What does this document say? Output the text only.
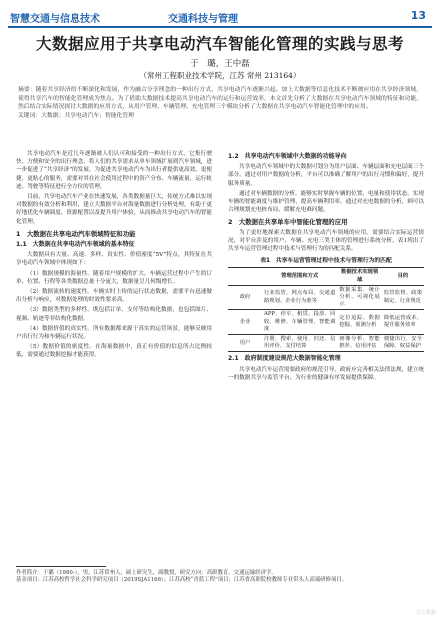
智慧交通与信息技术	交通科技与管理	13
大数据应用于共享电动汽车智能化管理的实践与思考
于　璐，王中磊
（常州工程职业技术学院，江苏 常州 213164）
摘要：随着共享经济的不断深化和发展，作为融合分享理念的一种出行方式，共享电动汽车逐渐兴起。加上大数据等信息化技术不断被应用在共享经济领域，使得共享汽车的智能化管理成为焦点。为了借助大数据技术提高共享电动汽车的运行和运营效率，本文首先分析了大数据在共享电动汽车领域的特征和功能，然后结合实际情况探讨大数据的应用方式，从用户管理、车辆管理、充电管理三个模块分析了大数据在共享电动汽车智能化管理中的应用。
关键词：大数据；共享电动汽车；智能化管理

共享电动汽车是近几年逐渐被人们认可和接受的一种出行方式，它集行驶快、方便和安全的出行理念，将人们的共享需求从单车领域扩展到汽车领域，进一步促进了“共享经济”的发展。为促进共享电动汽车为出行者提供更高效、更便捷、更贴心的服务，需要对其在社会使用过程中的资产分布、车辆流量、运行轨迹、驾驶等特征进行全方位的管理。

目前，共享电动汽车产业在快速发展，各类数据量巨大，传统方式难以实现对数据的有效分析和利用，建立大数据平台对海量数据进行分析处理，有助于更好地优化车辆调度、资源配置以及提升用户体验，从而推动共享电动汽车的智能化管理。

1　大数据在共享电动汽车领域特征和功能
1.1　大数据在共享电动汽车领域的基本特征

大数据具有大量、高速、多样、真实性、价值密度“5V”特点，其特征在共享电动汽车领域中体现如下：

（1）数据规模的海量性。随着用户规模的扩大，车辆运营过程中产生的订单、位置、行程等各类数据总量十分庞大，数据量呈几何级增长。

（2）数据流转的速度性。车辆实时上传的运行状态数据，需要平台迅速做出分析与响应，对数据处理的时效性要求高。

（3）数据类型的多样性。既包括订单、支付等结构化数据，也包括图片、视频、轨迹等非结构化数据。

（4）数据价值的真实性。所有数据都来源于真实的运营场景，能够反映用户出行行为和车辆运行状况。

（5）数据价值的密度性。在海量数据中，真正有价值的信息所占比例较低，需要通过数据挖掘才能获得。

1.2　共享电动汽车领域中大数据的功能导向

共享电动汽车领域中的大数据可划分为用户层面、车辆层面和充电层面三个部分。通过对用户数据的分析，平台可以准确了解用户的出行习惯和偏好，提升服务质量。

通过对车辆数据的分析，能够实时掌握车辆的位置、电量和使用状态，实现车辆的智能调度与维护管理，提高车辆利用率。通过对充电数据的分析，则可以合理规划充电桩布局，缓解充电难问题。

2　大数据在共享单车中智能化管理的应用

为了更好地探索大数据在共享电动汽车领域的应用，需要结合实际运营情况，对平台涉及的用户、车辆、充电三类主体的管理进行系统分析，表1列出了共享车运营管理过程中技术与管理行为的匹配关系。

表1　共享车运营管理过程中技术与管理行为的匹配
	管理范围和方式	数据技术实现领域	目的
政府	行业监管、网点布局、交通道路规划、企业行为准等	数据采集、统计分析、可视化展示	监管监督、政策制定、行业规范
企业	APP、停车、租赁、投放、回收、维修、车辆管理、智能调度	定位追踪、数据挖掘、预测分析	降低运营成本、提升服务效率
用户	注册、搜索、使用、归还、信用评价、支付结算	画像分析、智能推荐、信用评估	便捷出行、安全保障、权益保护
2.1　政府制度建设规范大数据智能化管理

共享电动汽车运营需要政府的规范引导，政府应完善相关法律法规，建立统一的数据共享与监管平台，为行业的健康有序发展提供保障。

作者简介：于璐（1980-），男，江苏常州人，硕士研究生，副教授，研究方向：高职教育，交通运输经济学。
基金项目：江苏高校哲学社会科学研究项目（2019SJA1168）；江苏高校“青蓝工程”项目；江苏省高职院校教师专业带头人高端研修项目。
万方数据
